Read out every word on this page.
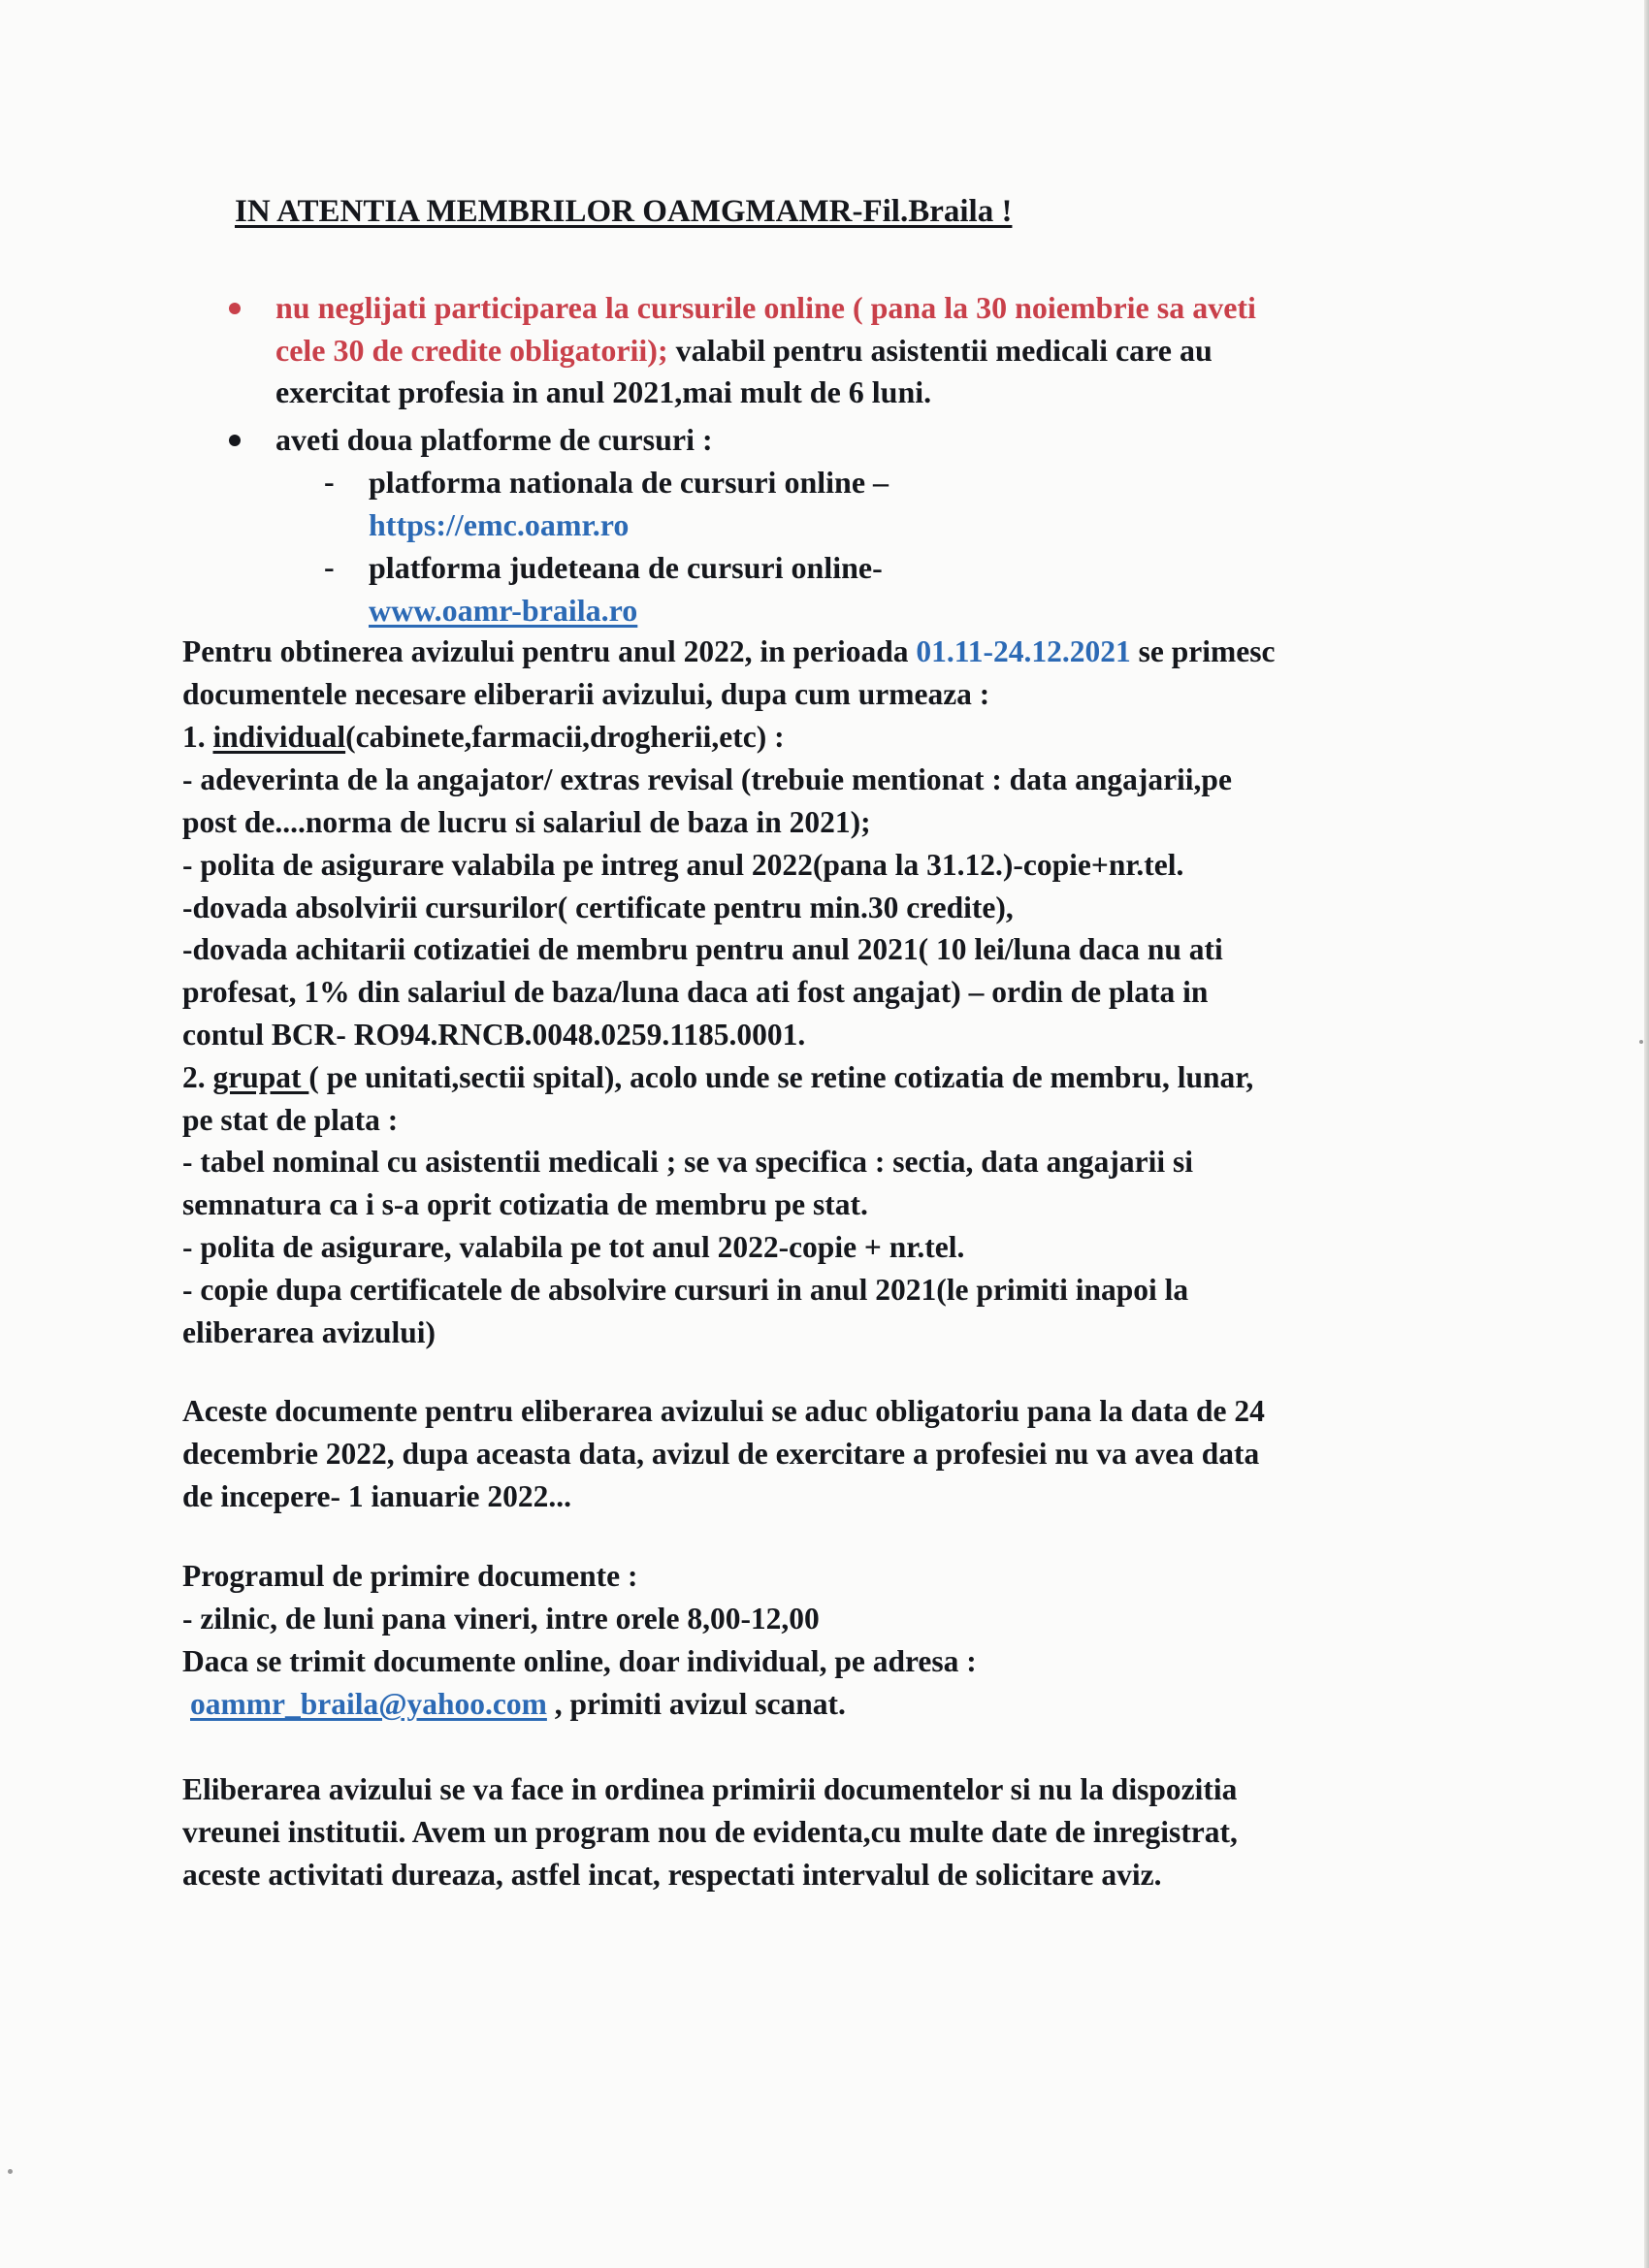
IN ATENTIA MEMBRILOR OAMGMAMR-Fil.Braila !
nu neglijati participarea la cursurile online ( pana la 30 noiembrie sa aveti
cele 30 de credite obligatorii); valabil pentru asistentii medicali care au
exercitat profesia in anul 2021,mai mult de 6 luni.
aveti doua platforme de cursuri :
- platforma nationala de cursuri online –
https://emc.oamr.ro
- platforma judeteana de cursuri online-
www.oamr-braila.ro
Pentru obtinerea avizului pentru anul 2022, in perioada 01.11-24.12.2021 se primesc
documentele necesare eliberarii avizului, dupa cum urmeaza :
1. individual(cabinete,farmacii,drogherii,etc) :
- adeverinta de la angajator/ extras revisal (trebuie mentionat : data angajarii,pe
post de....norma de lucru si salariul de baza in 2021);
- polita de asigurare valabila pe intreg anul 2022(pana la 31.12.)-copie+nr.tel.
-dovada absolvirii cursurilor( certificate pentru min.30 credite),
-dovada achitarii cotizatiei de membru pentru anul 2021( 10 lei/luna daca nu ati
profesat, 1% din salariul de baza/luna daca ati fost angajat) – ordin de plata in
contul BCR- RO94.RNCB.0048.0259.1185.0001.
2. grupat ( pe unitati,sectii spital), acolo unde se retine cotizatia de membru, lunar,
pe stat de plata :
- tabel nominal cu asistentii medicali ; se va specifica : sectia, data angajarii si
semnatura ca i s-a oprit cotizatia de membru pe stat.
- polita de asigurare, valabila pe tot anul 2022-copie + nr.tel.
- copie dupa certificatele de absolvire cursuri in anul 2021(le primiti inapoi la
eliberarea avizului)
Aceste documente pentru eliberarea avizului se aduc obligatoriu pana la data de 24
decembrie 2022, dupa aceasta data, avizul de exercitare a profesiei nu va avea data
de incepere- 1 ianuarie 2022...
Programul de primire documente :
- zilnic, de luni pana vineri, intre orele 8,00-12,00
Daca se trimit documente online, doar individual, pe adresa :
oammr_braila@yahoo.com , primiti avizul scanat.
Eliberarea avizului se va face in ordinea primirii documentelor si nu la dispozitia
vreunei institutii. Avem un program nou de evidenta,cu multe date de inregistrat,
aceste activitati dureaza, astfel incat, respectati intervalul de solicitare aviz.
